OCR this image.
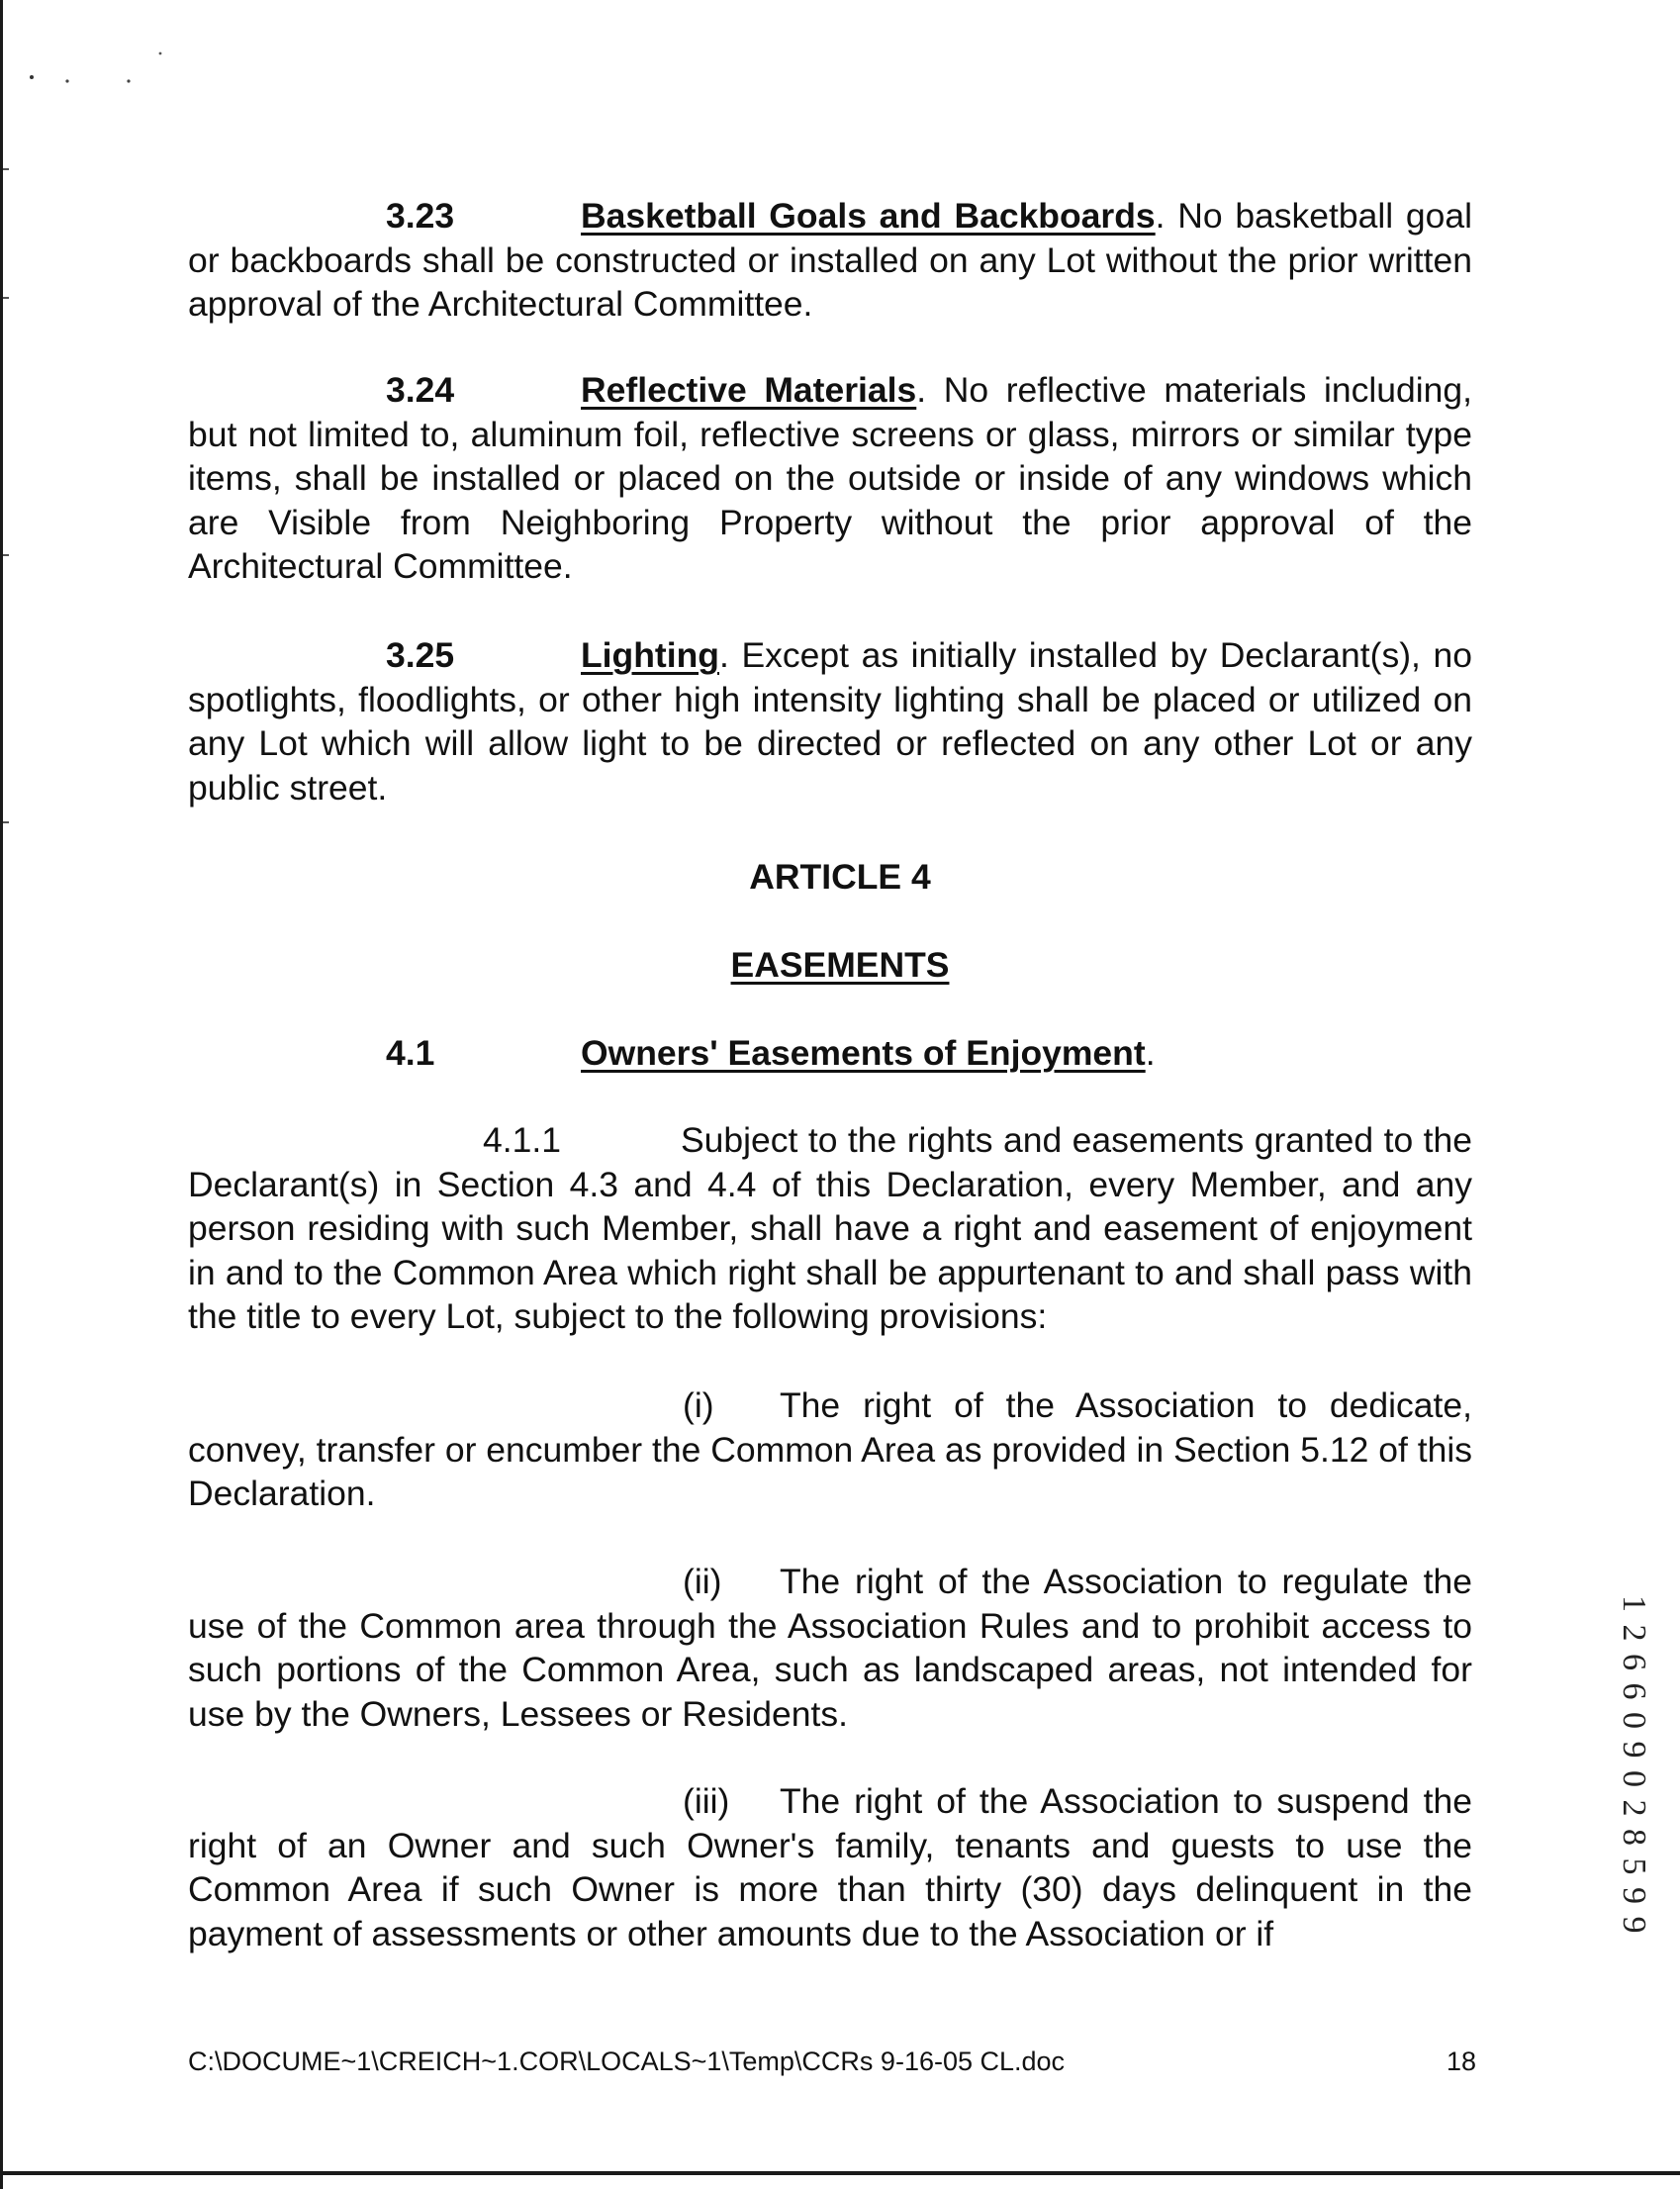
3.23	Basketball Goals and Backboards. No basketball goal or backboards shall be constructed or installed on any Lot without the prior written approval of the Architectural Committee.

3.24	Reflective Materials. No reflective materials including, but not limited to, aluminum foil, reflective screens or glass, mirrors or similar type items, shall be installed or placed on the outside or inside of any windows which are Visible from Neighboring Property without the prior approval of the Architectural Committee.

3.25	Lighting. Except as initially installed by Declarant(s), no spotlights, floodlights, or other high intensity lighting shall be placed or utilized on any Lot which will allow light to be directed or reflected on any other Lot or any public street.

ARTICLE 4

EASEMENTS

4.1	Owners' Easements of Enjoyment.

4.1.1	Subject to the rights and easements granted to the Declarant(s) in Section 4.3 and 4.4 of this Declaration, every Member, and any person residing with such Member, shall have a right and easement of enjoyment in and to the Common Area which right shall be appurtenant to and shall pass with the title to every Lot, subject to the following provisions:

(i) The right of the Association to dedicate, convey, transfer or encumber the Common Area as provided in Section 5.12 of this Declaration.

(ii) The right of the Association to regulate the use of the Common area through the Association Rules and to prohibit access to such portions of the Common Area, such as landscaped areas, not intended for use by the Owners, Lessees or Residents.

(iii) The right of the Association to suspend the right of an Owner and such Owner's family, tenants and guests to use the Common Area if such Owner is more than thirty (30) days delinquent in the payment of assessments or other amounts due to the Association or if	1 2 6 6 0 9 0 2 8 5 9 9

C:\DOCUME~1\CREICH~1.COR\LOCALS~1\Temp\CCRs 9-16-05 CL.doc	18
